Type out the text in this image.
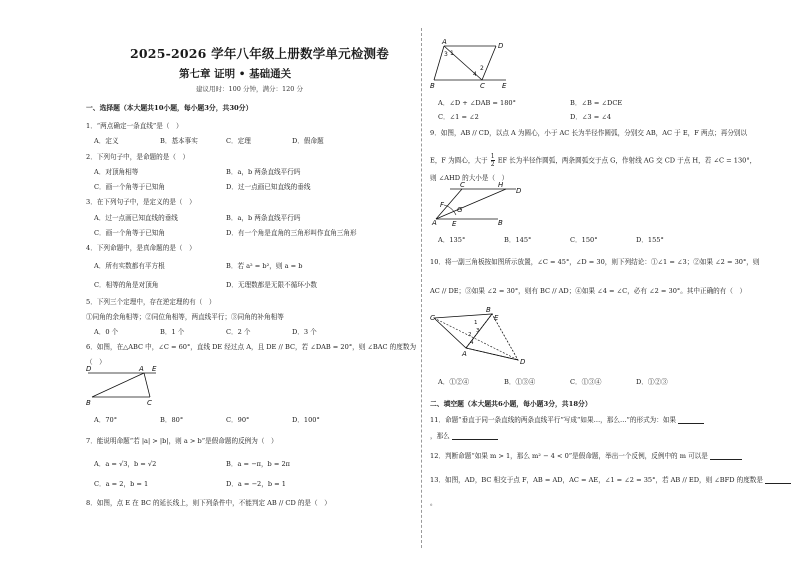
2025-2026 学年八年级上册数学单元检测卷
第七章 证明 • 基础通关
建议用时：100 分钟，满分：120 分
一、选择题（本大题共10小题，每小题3分，共30分）
1．“两点确定一条直线”是（　）
A．定义	B．基本事实	C．定理	D．假命题
2．下列句子中，是命题的是（　）
A．对顶角相等	B．a，b 两条直线平行吗
C．画一个角等于已知角	D．过一点画已知直线的垂线
3．在下列句子中，是定义的是（　）
A．过一点画已知直线的垂线	B．a，b 两条直线平行吗
C．画一个角等于已知角	D．有一个角是直角的三角形叫作直角三角形
4．下列命题中，是真命题的是（　）
A．所有实数都有平方根	B．若 a² = b²，则 a = b
C．相等的角是对顶角	D．无理数都是无限不循环小数
5．下列三个定理中，存在逆定理的有（　）
①同角的余角相等；②同位角相等，两直线平行；③同角的补角相等
A．0 个	B．1 个	C．2 个	D．3 个
6．如图，在△ABC 中，∠C = 60°，直线 DE 经过点 A，且 DE // BC，若 ∠DAB = 20°，则 ∠BAC 的度数为
（　）
D	A E
B	C
A．70°	B．80°	C．90°	D．100°
7．能说明命题“若 |a| > |b|，则 a > b”是假命题的反例为（　）
A．a = √3，b = √2	B．a = −π，b = 2π
C．a = 2，b = 1	D．a = −2，b = 1
8．如图，点 E 在 BC 的延长线上，则下列条件中，不能判定 AB // CD 的是（　）
A	D
1
2
3
4
B	C E
A．∠D + ∠DAB = 180°	B．∠B = ∠DCE
C．∠1 = ∠2	D．∠3 = ∠4
9．如图，AB // CD，以点 A 为圆心，小于 AC 长为半径作圆弧，分别交 AB，AC 于 E，F 两点；再分别以
E，F 为圆心，大于 $\frac{1}{2}$ EF 长为半径作圆弧，两条圆弧交于点 G，作射线 AG 交 CD 于点 H，若 ∠C = 130°，
则 ∠AHD 的大小是（　）
C	H
D
F
G
A E	B
A．135°	B．145°	C．150°	D．155°
10．将一副三角板按如图所示放置，∠C = 45°，∠D = 30，则下列结论：①∠1 = ∠3；②如果 ∠2 = 30°，则
AC // DE；③如果 ∠2 = 30°，则有 BC // AD；④如果 ∠4 = ∠C，必有 ∠2 = 30°。其中正确的有（　）
C
B
E
1
2
3
4
A
D
A．①②④	B．①③④	C．①③④	D．①②③
二、填空题（本大题共6小题，每小题3分，共18分）
11．命题“垂直于同一条直线的两条直线平行”写成“如果…，那么…”的形式为：如果
，那么
12．判断命题“如果 m > 1，那么 m² − 4 < 0”是假命题，举出一个反例，反例中的 m 可以是
13．如图，AD，BC 相交于点 F，AB = AD，AC = AE，∠1 = ∠2 = 35°，若 AB // ED，则 ∠BFD 的度数是
。
